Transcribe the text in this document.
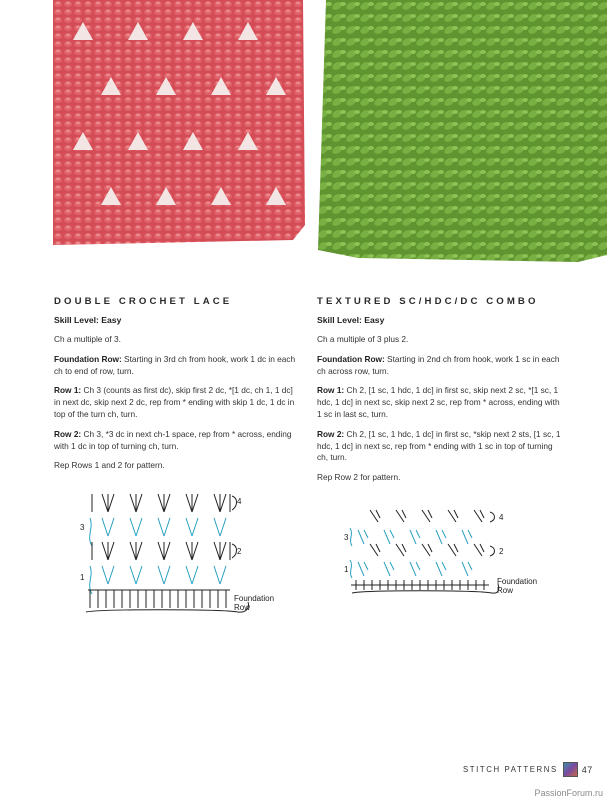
DOUBLE CROCHET LACE
Skill Level: Easy
Ch a multiple of 3.
Foundation Row: Starting in 3rd ch from hook, work 1 dc in each ch to end of row, turn.
Row 1: Ch 3 (counts as first dc), skip first 2 dc, *[1 dc, ch 1, 1 dc] in next dc, skip next 2 dc, rep from * ending with skip 1 dc, 1 dc in top of the turn ch, turn.
Row 2: Ch 3, *3 dc in next ch-1 space, rep from * across, ending with 1 dc in top of turning ch, turn.
Rep Rows 1 and 2 for pattern.
TEXTURED SC/HDC/DC COMBO
Skill Level: Easy
Ch a multiple of 3 plus 2.
Foundation Row: Starting in 2nd ch from hook, work 1 sc in each ch across row, turn.
Row 1: Ch 2, [1 sc, 1 hdc, 1 dc] in first sc, skip next 2 sc, *[1 sc, 1 hdc, 1 dc] in next sc, skip next 2 sc, rep from * across, ending with 1 sc in last sc, turn.
Row 2: Ch 2, [1 sc, 1 hdc, 1 dc] in first sc, *skip next 2 sts, [1 sc, 1 hdc, 1 dc] in next sc, rep from * ending with 1 sc in top of turning ch, turn.
Rep Row 2 for pattern.
4
3
2
1
Foundation
Row
4
3
2
1
Foundation
Row
STITCH PATTERNS	47
PassionForum.ru
